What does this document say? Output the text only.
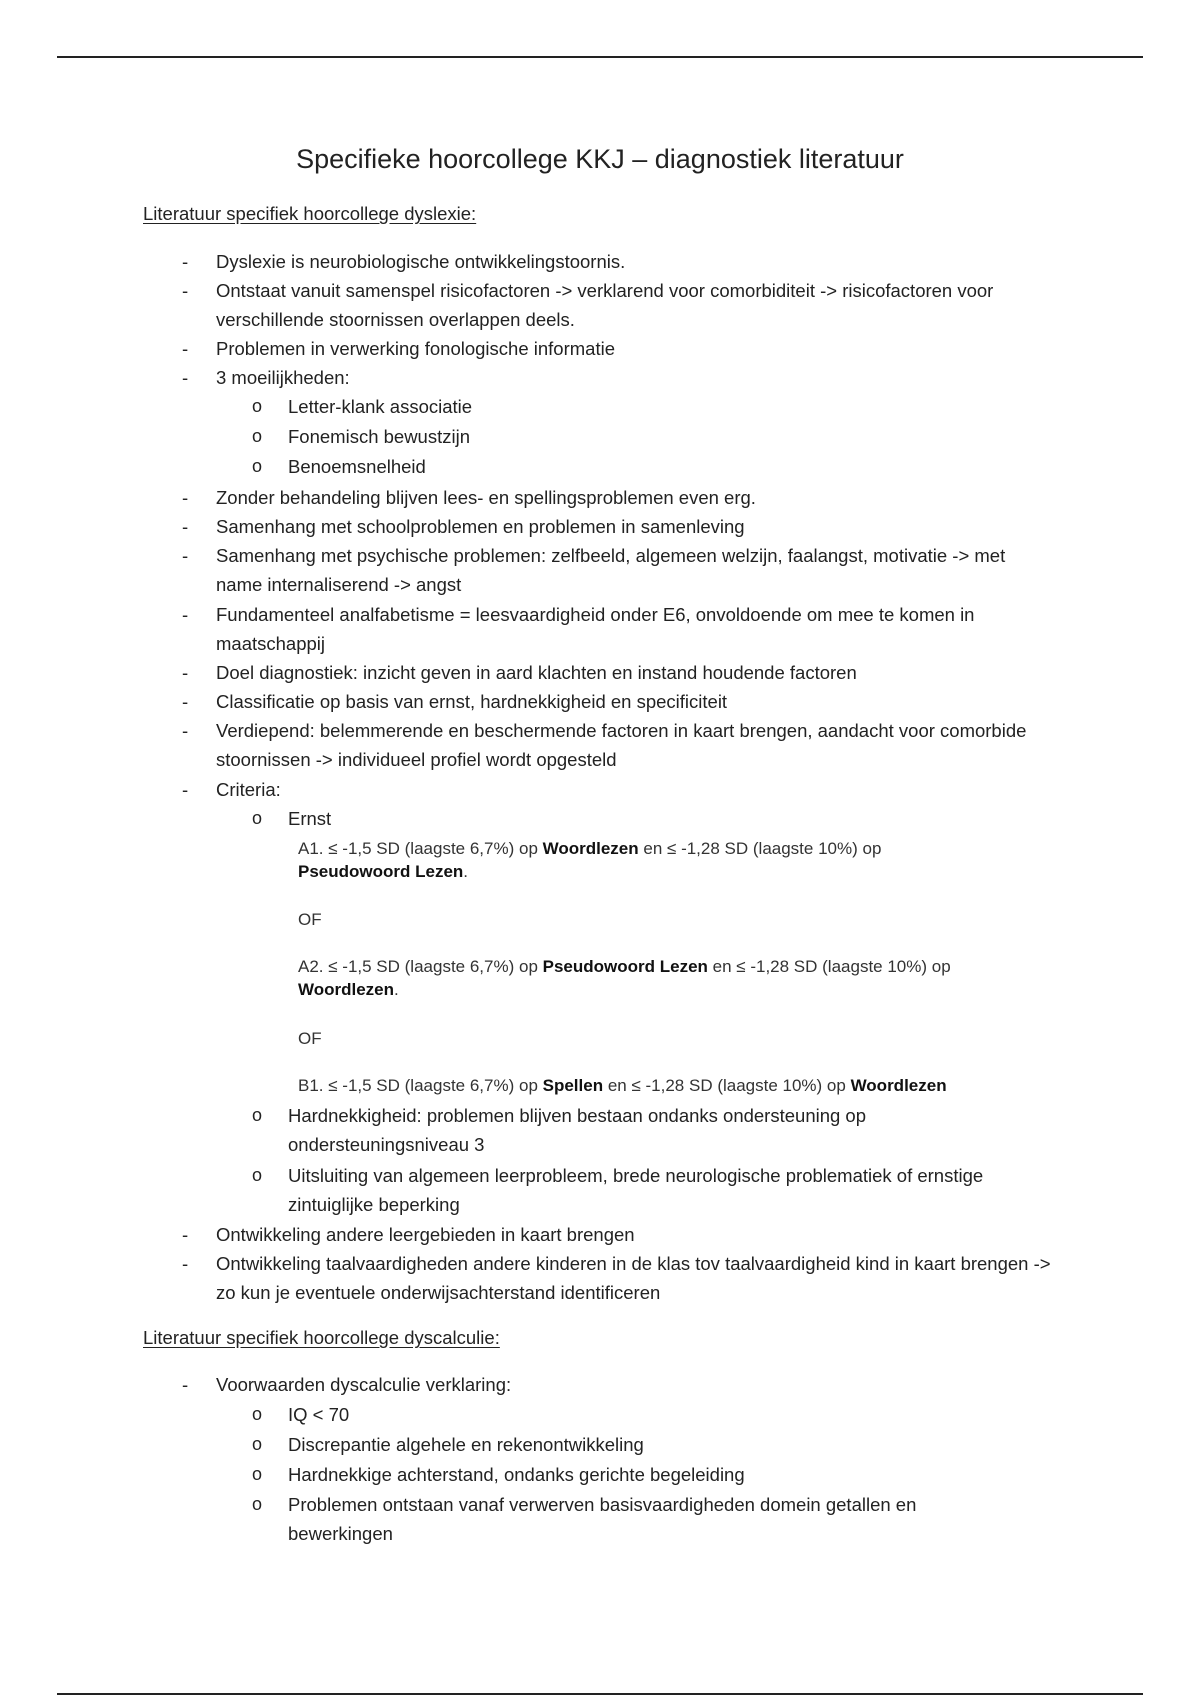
Specifieke hoorcollege KKJ – diagnostiek literatuur
Literatuur specifiek hoorcollege dyslexie:
- Dyslexie is neurobiologische ontwikkelingstoornis.
- Ontstaat vanuit samenspel risicofactoren -> verklarend voor comorbiditeit -> risicofactoren voor verschillende stoornissen overlappen deels.
- Problemen in verwerking fonologische informatie
- 3 moeilijkheden:
o Letter-klank associatie
o Fonemisch bewustzijn
o Benoemsnelheid
- Zonder behandeling blijven lees- en spellingsproblemen even erg.
- Samenhang met schoolproblemen en problemen in samenleving
- Samenhang met psychische problemen: zelfbeeld, algemeen welzijn, faalangst, motivatie -> met name internaliserend -> angst
- Fundamenteel analfabetisme = leesvaardigheid onder E6, onvoldoende om mee te komen in maatschappij
- Doel diagnostiek: inzicht geven in aard klachten en instand houdende factoren
- Classificatie op basis van ernst, hardnekkigheid en specificiteit
- Verdiepend: belemmerende en beschermende factoren in kaart brengen, aandacht voor comorbide stoornissen -> individueel profiel wordt opgesteld
- Criteria:
o Ernst
A1. ≤ -1,5 SD (laagste 6,7%) op Woordlezen en ≤ -1,28 SD (laagste 10%) op
Pseudowoord Lezen.
OF
A2. ≤ -1,5 SD (laagste 6,7%) op Pseudowoord Lezen en ≤ -1,28 SD (laagste 10%) op
Woordlezen.
OF
B1. ≤ -1,5 SD (laagste 6,7%) op Spellen en ≤ -1,28 SD (laagste 10%) op Woordlezen
o Hardnekkigheid: problemen blijven bestaan ondanks ondersteuning op ondersteuningsniveau 3
o Uitsluiting van algemeen leerprobleem, brede neurologische problematiek of ernstige zintuiglijke beperking
- Ontwikkeling andere leergebieden in kaart brengen
- Ontwikkeling taalvaardigheden andere kinderen in de klas tov taalvaardigheid kind in kaart brengen -> zo kun je eventuele onderwijsachterstand identificeren
Literatuur specifiek hoorcollege dyscalculie:
- Voorwaarden dyscalculie verklaring:
o IQ < 70
o Discrepantie algehele en rekenontwikkeling
o Hardnekkige achterstand, ondanks gerichte begeleiding
o Problemen ontstaan vanaf verwerven basisvaardigheden domein getallen en bewerkingen
